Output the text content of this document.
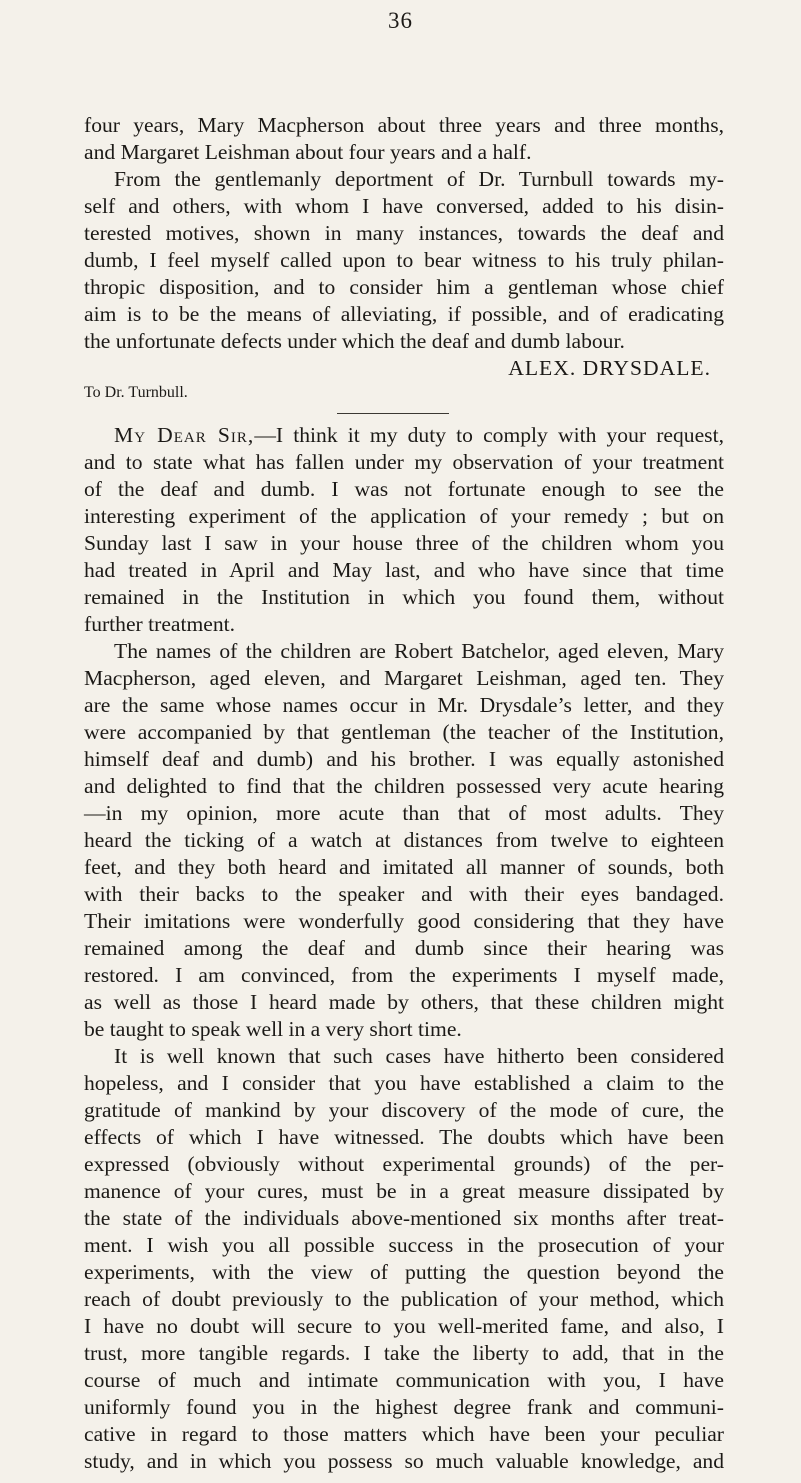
36
four years, Mary Macpherson about three years and three months,
and Margaret Leishman about four years and a half.
From the gentlemanly deportment of Dr. Turnbull towards my-
self and others, with whom I have conversed, added to his disin-
terested motives, shown in many instances, towards the deaf and
dumb, I feel myself called upon to bear witness to his truly philan-
thropic disposition, and to consider him a gentleman whose chief
aim is to be the means of alleviating, if possible, and of eradicating
the unfortunate defects under which the deaf and dumb labour.
ALEX. DRYSDALE.
To Dr. Turnbull.
My Dear Sir,—I think it my duty to comply with your request,
and to state what has fallen under my observation of your treatment
of the deaf and dumb. I was not fortunate enough to see the
interesting experiment of the application of your remedy ; but on
Sunday last I saw in your house three of the children whom you
had treated in April and May last, and who have since that time
remained in the Institution in which you found them, without
further treatment.
The names of the children are Robert Batchelor, aged eleven, Mary
Macpherson, aged eleven, and Margaret Leishman, aged ten. They
are the same whose names occur in Mr. Drysdale’s letter, and they
were accompanied by that gentleman (the teacher of the Institution,
himself deaf and dumb) and his brother. I was equally astonished
and delighted to find that the children possessed very acute hearing
—in my opinion, more acute than that of most adults. They
heard the ticking of a watch at distances from twelve to eighteen
feet, and they both heard and imitated all manner of sounds, both
with their backs to the speaker and with their eyes bandaged.
Their imitations were wonderfully good considering that they have
remained among the deaf and dumb since their hearing was
restored. I am convinced, from the experiments I myself made,
as well as those I heard made by others, that these children might
be taught to speak well in a very short time.
It is well known that such cases have hitherto been considered
hopeless, and I consider that you have established a claim to the
gratitude of mankind by your discovery of the mode of cure, the
effects of which I have witnessed. The doubts which have been
expressed (obviously without experimental grounds) of the per-
manence of your cures, must be in a great measure dissipated by
the state of the individuals above-mentioned six months after treat-
ment. I wish you all possible success in the prosecution of your
experiments, with the view of putting the question beyond the
reach of doubt previously to the publication of your method, which
I have no doubt will secure to you well-merited fame, and also, I
trust, more tangible regards. I take the liberty to add, that in the
course of much and intimate communication with you, I have
uniformly found you in the highest degree frank and communi-
cative in regard to those matters which have been your peculiar
study, and in which you possess so much valuable knowledge, and
